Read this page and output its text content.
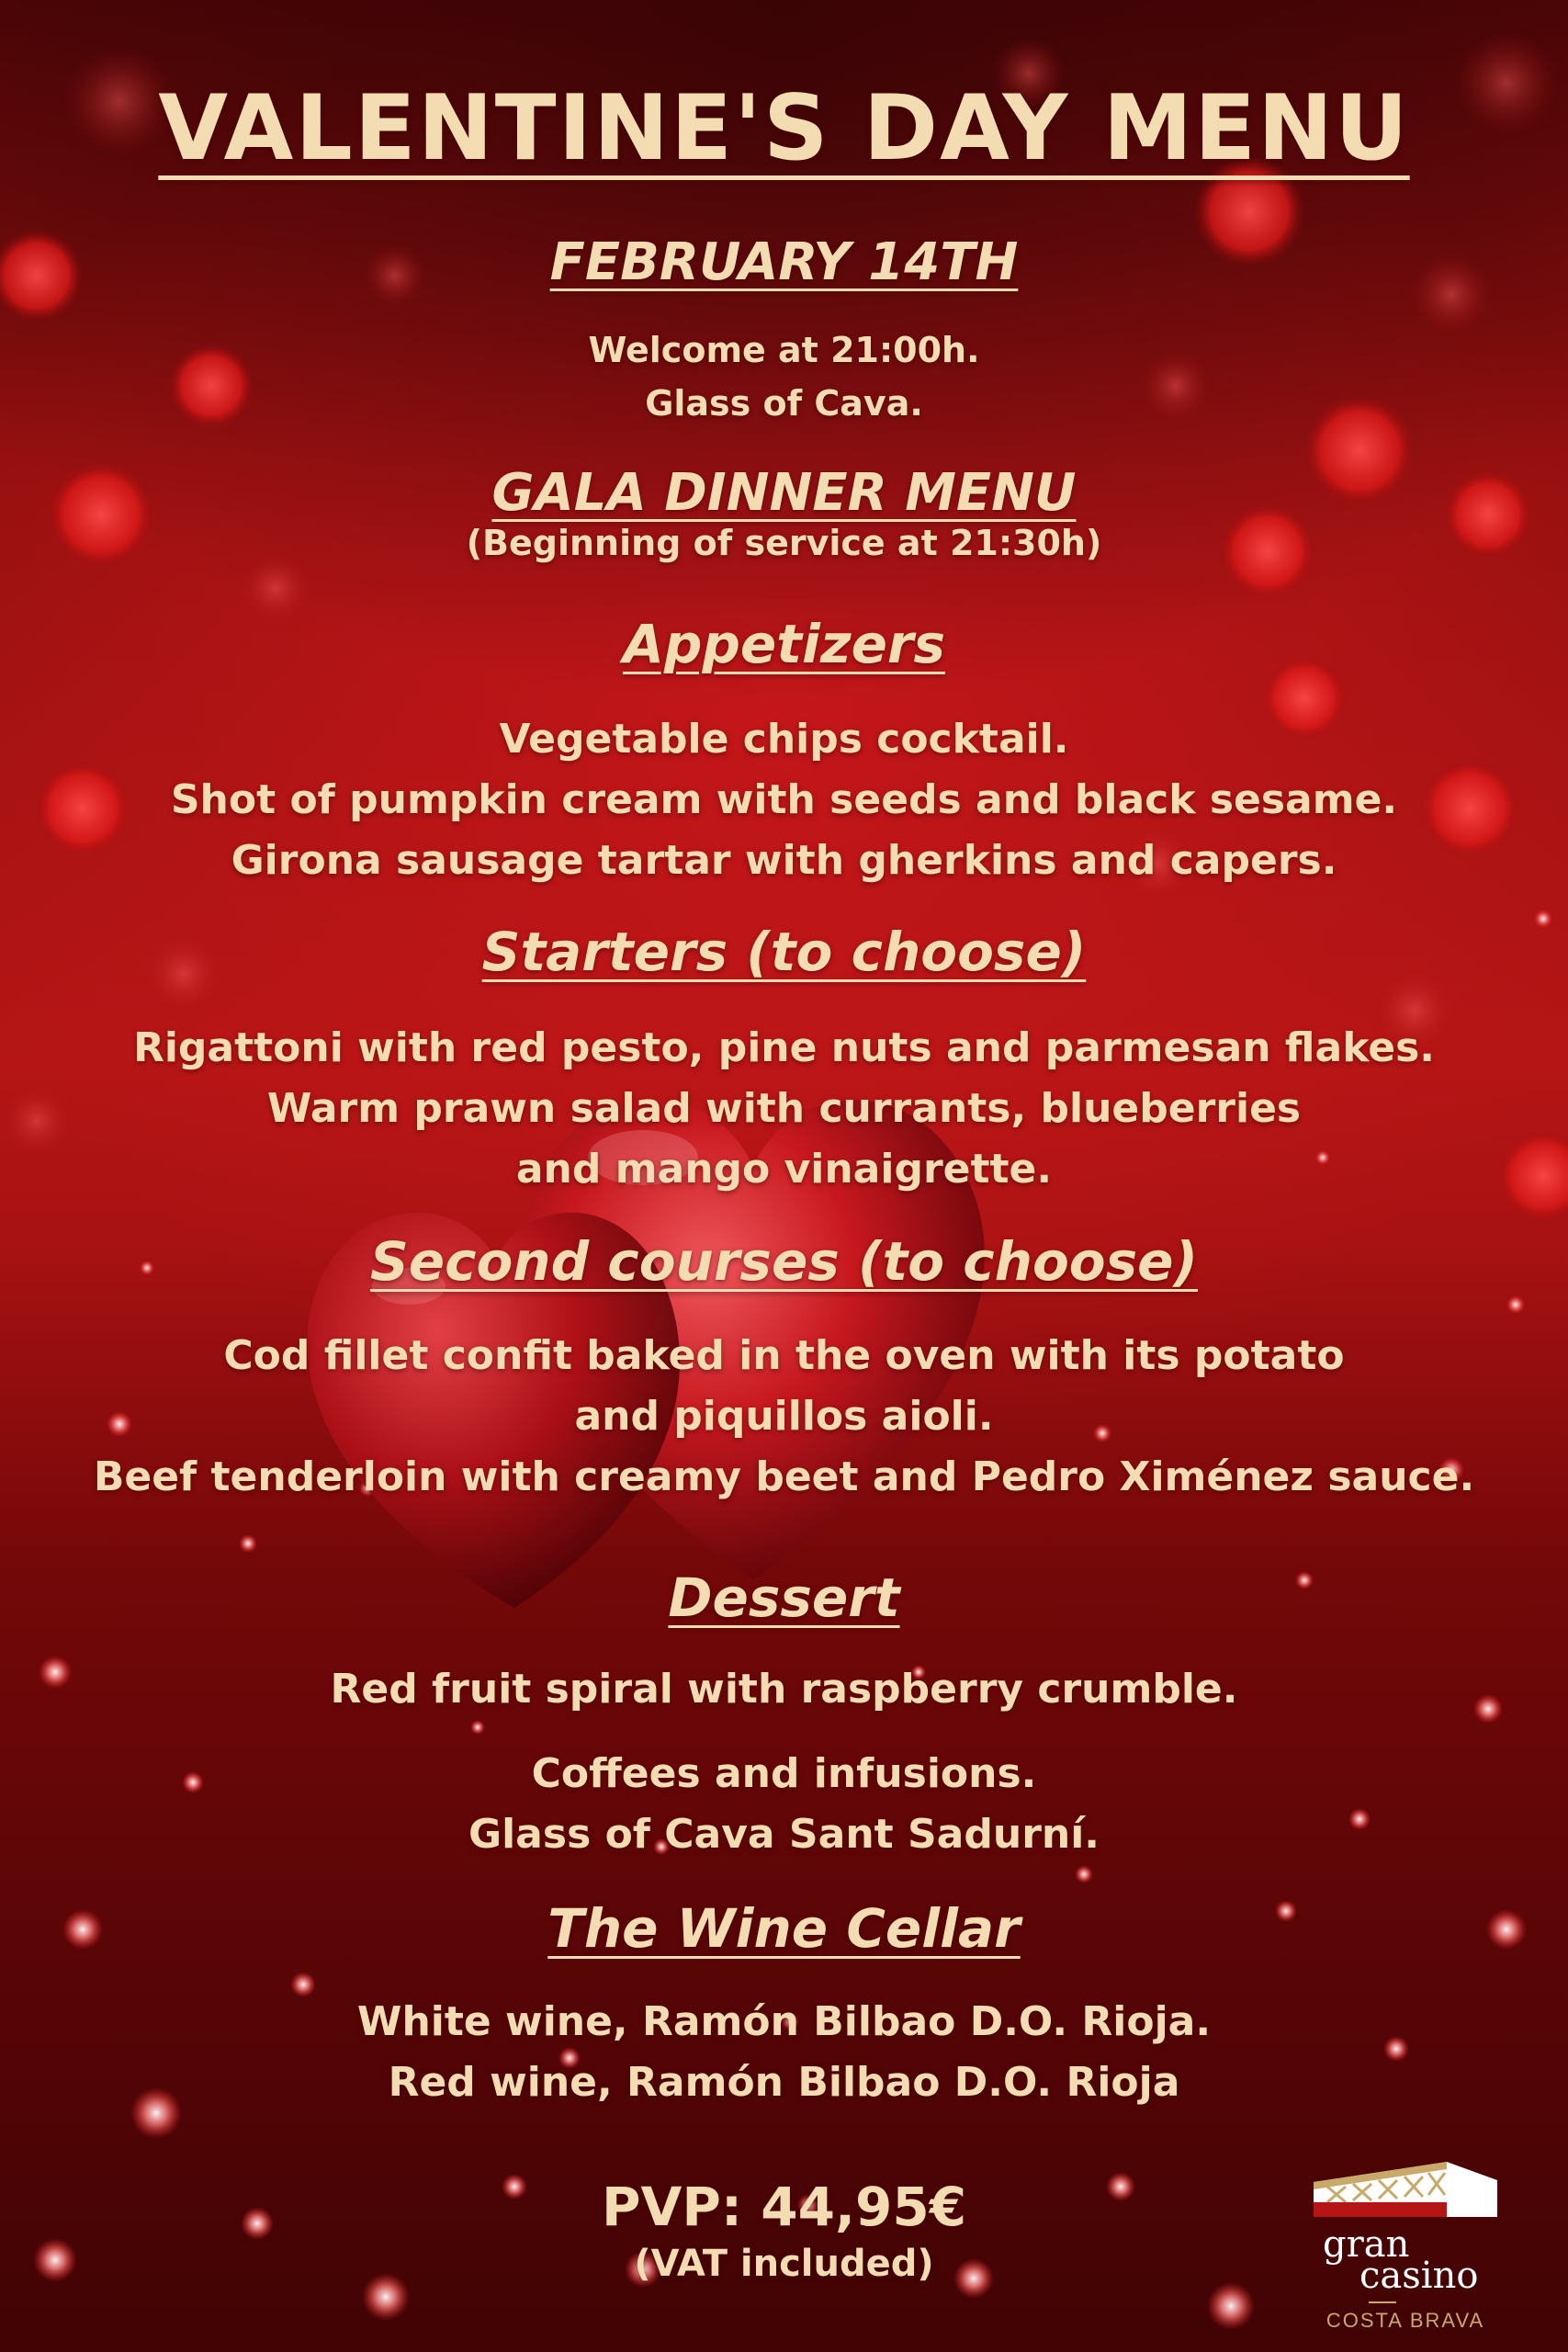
VALENTINE'S DAY MENU
FEBRUARY 14TH
Welcome at 21:00h.
Glass of Cava.
GALA DINNER MENU
(Beginning of service at 21:30h)
Appetizers
Vegetable chips cocktail.
Shot of pumpkin cream with seeds and black sesame.
Girona sausage tartar with gherkins and capers.
Starters (to choose)
Rigattoni with red pesto, pine nuts and parmesan flakes.
Warm prawn salad with currants, blueberries
and mango vinaigrette.
Second courses (to choose)
Cod fillet confit baked in the oven with its potato
and piquillos aioli.
Beef tenderloin with creamy beet and Pedro Ximénez sauce.
Dessert
Red fruit spiral with raspberry crumble.
Coffees and infusions.
Glass of Cava Sant Sadurní.
The Wine Cellar
White wine, Ramón Bilbao D.O. Rioja.
Red wine, Ramón Bilbao D.O. Rioja
PVP: 44,95€
(VAT included)	gran
casino
COSTA BRAVA
